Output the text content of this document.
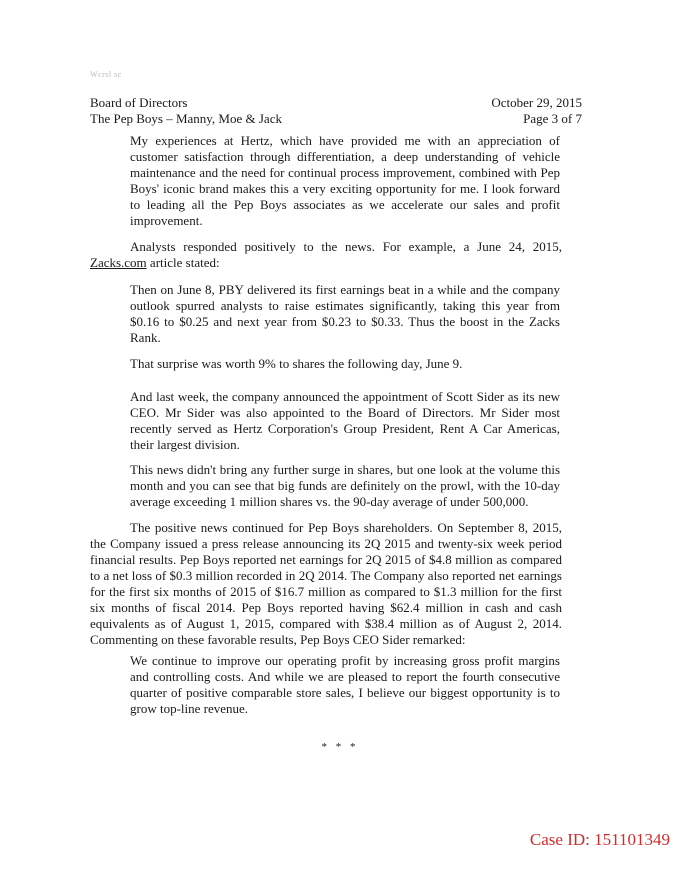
Wcrsl sc
Board of Directors	October 29, 2015
The Pep Boys – Manny, Moe & Jack	Page 3 of 7

My experiences at Hertz, which have provided me with an appreciation of customer satisfaction through differentiation, a deep understanding of vehicle maintenance and the need for continual process improvement, combined with Pep Boys' iconic brand makes this a very exciting opportunity for me. I look forward to leading all the Pep Boys associates as we accelerate our sales and profit improvement.

Analysts responded positively to the news. For example, a June 24, 2015, Zacks.com article stated:

Then on June 8, PBY delivered its first earnings beat in a while and the company outlook spurred analysts to raise estimates significantly, taking this year from $0.16 to $0.25 and next year from $0.23 to $0.33. Thus the boost in the Zacks Rank.

That surprise was worth 9% to shares the following day, June 9.

And last week, the company announced the appointment of Scott Sider as its new CEO. Mr Sider was also appointed to the Board of Directors. Mr Sider most recently served as Hertz Corporation's Group President, Rent A Car Americas, their largest division.

This news didn't bring any further surge in shares, but one look at the volume this month and you can see that big funds are definitely on the prowl, with the 10-day average exceeding 1 million shares vs. the 90-day average of under 500,000.

The positive news continued for Pep Boys shareholders. On September 8, 2015, the Company issued a press release announcing its 2Q 2015 and twenty-six week period financial results. Pep Boys reported net earnings for 2Q 2015 of $4.8 million as compared to a net loss of $0.3 million recorded in 2Q 2014. The Company also reported net earnings for the first six months of 2015 of $16.7 million as compared to $1.3 million for the first six months of fiscal 2014. Pep Boys reported having $62.4 million in cash and cash equivalents as of August 1, 2015, compared with $38.4 million as of August 2, 2014. Commenting on these favorable results, Pep Boys CEO Sider remarked:

We continue to improve our operating profit by increasing gross profit margins and controlling costs. And while we are pleased to report the fourth consecutive quarter of positive comparable store sales, I believe our biggest opportunity is to grow top-line revenue.

* * *
Case ID: 151101349
